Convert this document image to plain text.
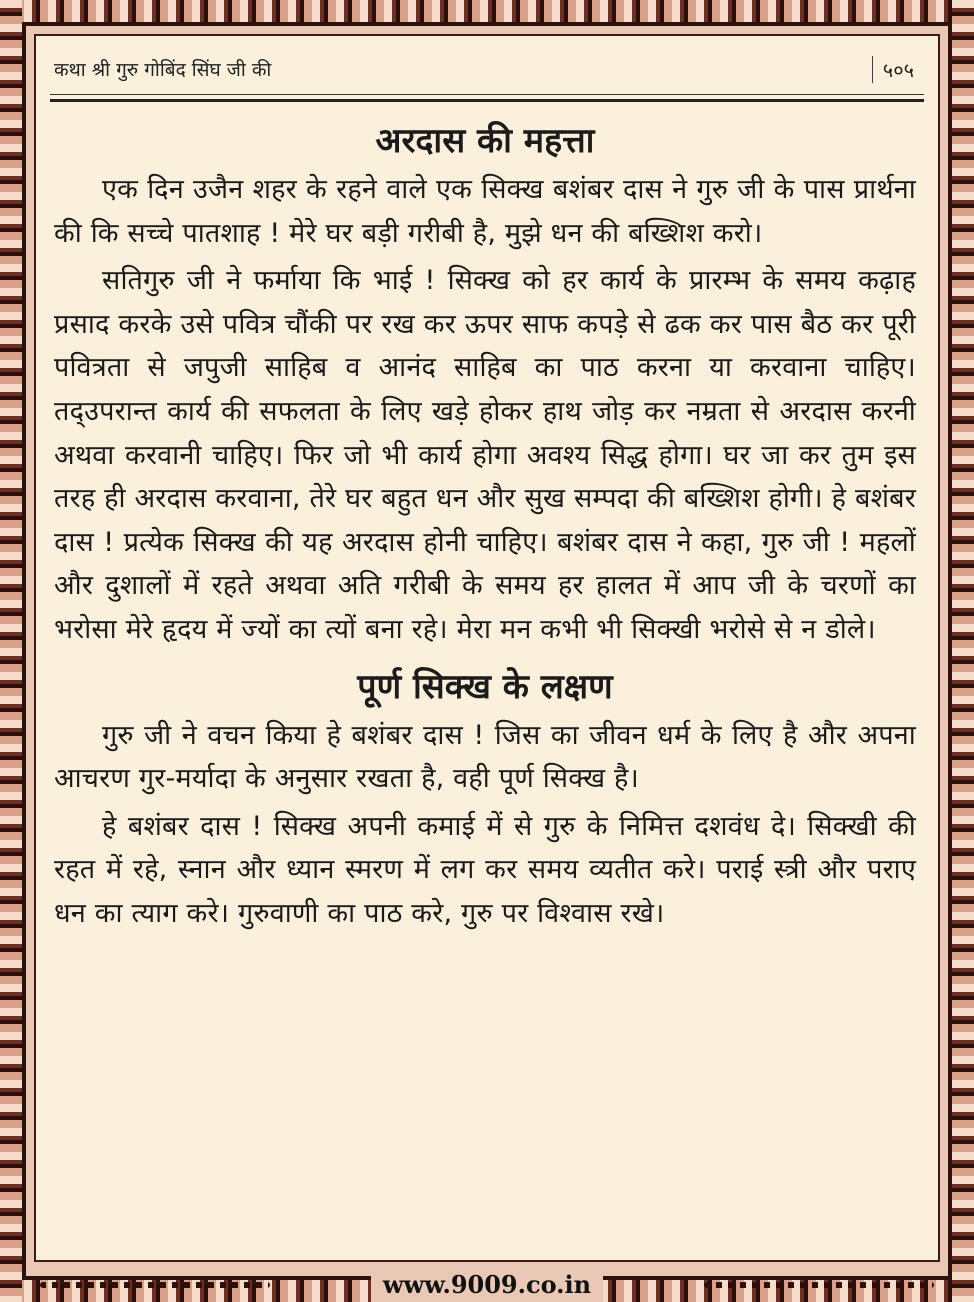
कथा श्री गुरु गोबिंद सिंघ जी की	५०५
अरदास की महत्ता

एक दिन उजैन शहर के रहने वाले एक सिक्ख बशंबर दास ने गुरु जी के पास प्रार्थना की कि सच्चे पातशाह ! मेरे घर बड़ी गरीबी है, मुझे धन की बख्शिश करो।

सतिगुरु जी ने फर्माया कि भाई ! सिक्ख को हर कार्य के प्रारम्भ के समय कढ़ाह प्रसाद करके उसे पवित्र चौंकी पर रख कर ऊपर साफ कपड़े से ढक कर पास बैठ कर पूरी पवित्रता से जपुजी साहिब व आनंद साहिब का पाठ करना या करवाना चाहिए। तद्उपरान्त कार्य की सफलता के लिए खड़े होकर हाथ जोड़ कर नम्रता से अरदास करनी अथवा करवानी चाहिए। फिर जो भी कार्य होगा अवश्य सिद्ध होगा। घर जा कर तुम इस तरह ही अरदास करवाना, तेरे घर बहुत धन और सुख सम्पदा की बख्शिश होगी। हे बशंबर दास ! प्रत्येक सिक्ख की यह अरदास होनी चाहिए। बशंबर दास ने कहा, गुरु जी ! महलों और दुशालों में रहते अथवा अति गरीबी के समय हर हालत में आप जी के चरणों का भरोसा मेरे हृदय में ज्यों का त्यों बना रहे। मेरा मन कभी भी सिक्खी भरोसे से न डोले।

पूर्ण सिक्ख के लक्षण

गुरु जी ने वचन किया हे बशंबर दास ! जिस का जीवन धर्म के लिए है और अपना आचरण गुर-मर्यादा के अनुसार रखता है, वही पूर्ण सिक्ख है।

हे बशंबर दास ! सिक्ख अपनी कमाई में से गुरु के निमित्त दशवंध दे। सिक्खी की रहत में रहे, स्नान और ध्यान स्मरण में लग कर समय व्यतीत करे। पराई स्त्री और पराए धन का त्याग करे। गुरुवाणी का पाठ करे, गुरु पर विश्वास रखे।

www.9009.co.in
